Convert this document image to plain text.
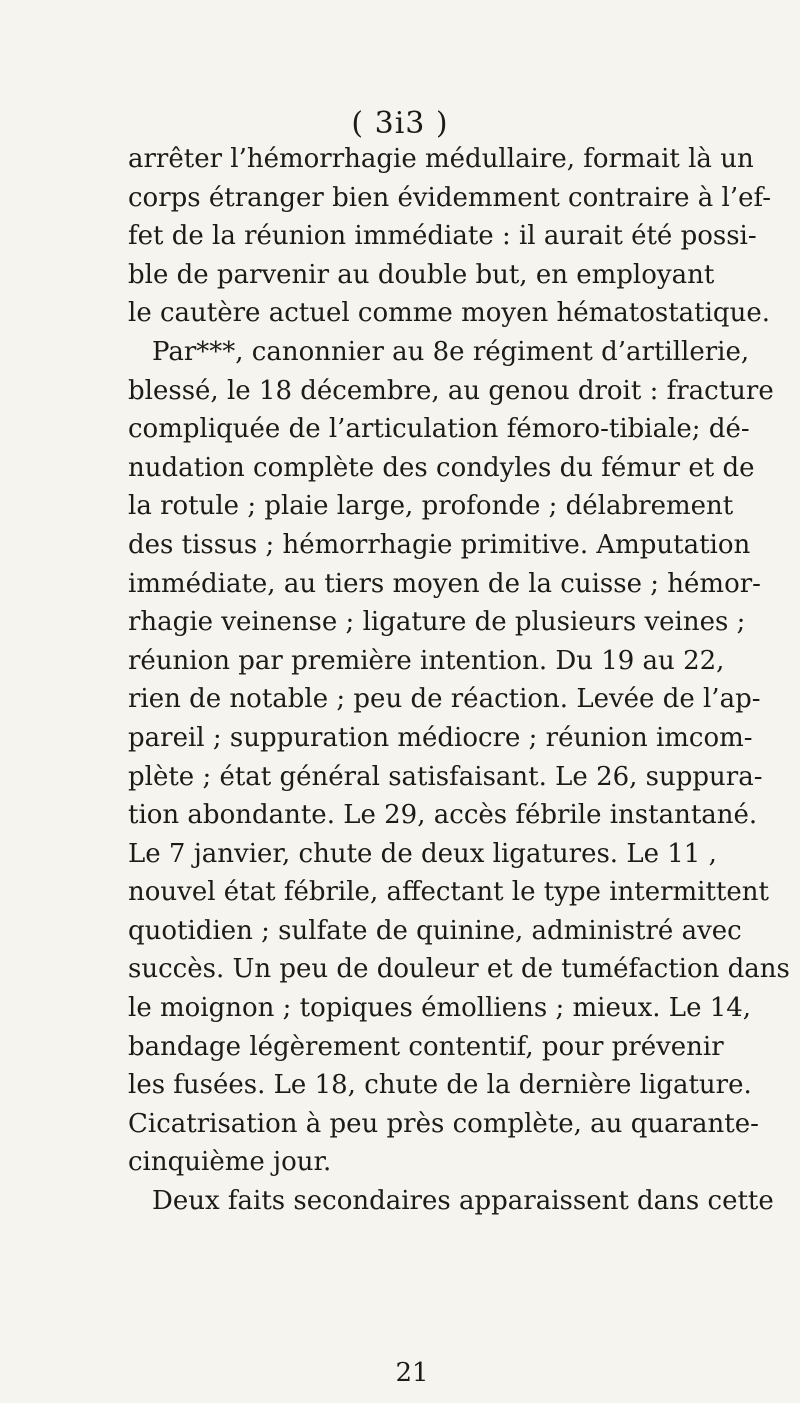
( 3i3 )
arrêter l’hémorrhagie médullaire, formait là un
corps étranger bien évidemment contraire à l’ef-
fet de la réunion immédiate : il aurait été possi-
ble de parvenir au double but, en employant
le cautère actuel comme moyen hématostatique.
Par***, canonnier au 8e régiment d’artillerie,
blessé, le 18 décembre, au genou droit : fracture
compliquée de l’articulation fémoro-tibiale; dé-
nudation complète des condyles du fémur et de
la rotule ; plaie large, profonde ; délabrement
des tissus ; hémorrhagie primitive. Amputation
immédiate, au tiers moyen de la cuisse ; hémor-
rhagie veinense ; ligature de plusieurs veines ;
réunion par première intention. Du 19 au 22,
rien de notable ; peu de réaction. Levée de l’ap-
pareil ; suppuration médiocre ; réunion imcom-
plète ; état général satisfaisant. Le 26, suppura-
tion abondante. Le 29, accès fébrile instantané.
Le 7 janvier, chute de deux ligatures. Le 11 ,
nouvel état fébrile, affectant le type intermittent
quotidien ; sulfate de quinine, administré avec
succès. Un peu de douleur et de tuméfaction dans
le moignon ; topiques émolliens ; mieux. Le 14,
bandage légèrement contentif, pour prévenir
les fusées. Le 18, chute de la dernière ligature.
Cicatrisation à peu près complète, au quarante-
cinquième jour.
Deux faits secondaires apparaissent dans cette
21
